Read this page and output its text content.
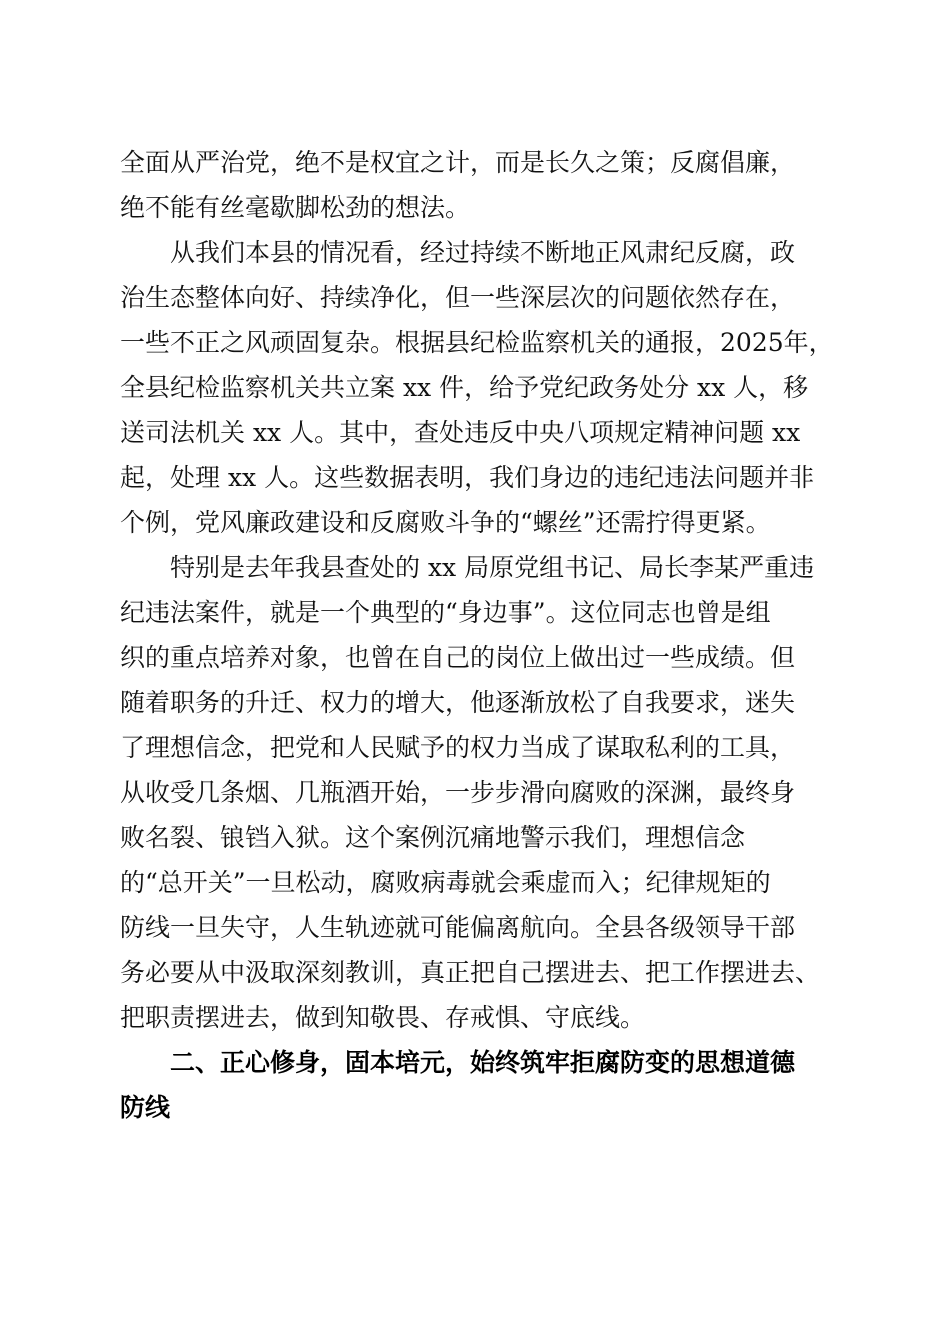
全面从严治党，绝不是权宜之计，而是长久之策；反腐倡廉，
绝不能有丝毫歇脚松劲的想法。
从我们本县的情况看，经过持续不断地正风肃纪反腐，政
治生态整体向好、持续净化，但一些深层次的问题依然存在，
一些不正之风顽固复杂。根据县纪检监察机关的通报，2025年，
全县纪检监察机关共立案 xx 件，给予党纪政务处分 xx 人，移
送司法机关 xx 人。其中，查处违反中央八项规定精神问题 xx
起，处理 xx 人。这些数据表明，我们身边的违纪违法问题并非
个例，党风廉政建设和反腐败斗争的“螺丝”还需拧得更紧。
特别是去年我县查处的 xx 局原党组书记、局长李某严重违
纪违法案件，就是一个典型的“身边事”。这位同志也曾是组
织的重点培养对象，也曾在自己的岗位上做出过一些成绩。但
随着职务的升迁、权力的增大，他逐渐放松了自我要求，迷失
了理想信念，把党和人民赋予的权力当成了谋取私利的工具，
从收受几条烟、几瓶酒开始，一步步滑向腐败的深渊，最终身
败名裂、锒铛入狱。这个案例沉痛地警示我们，理想信念
的“总开关”一旦松动，腐败病毒就会乘虚而入；纪律规矩的
防线一旦失守，人生轨迹就可能偏离航向。全县各级领导干部
务必要从中汲取深刻教训，真正把自己摆进去、把工作摆进去、
把职责摆进去，做到知敬畏、存戒惧、守底线。
二、正心修身，固本培元，始终筑牢拒腐防变的思想道德
防线
